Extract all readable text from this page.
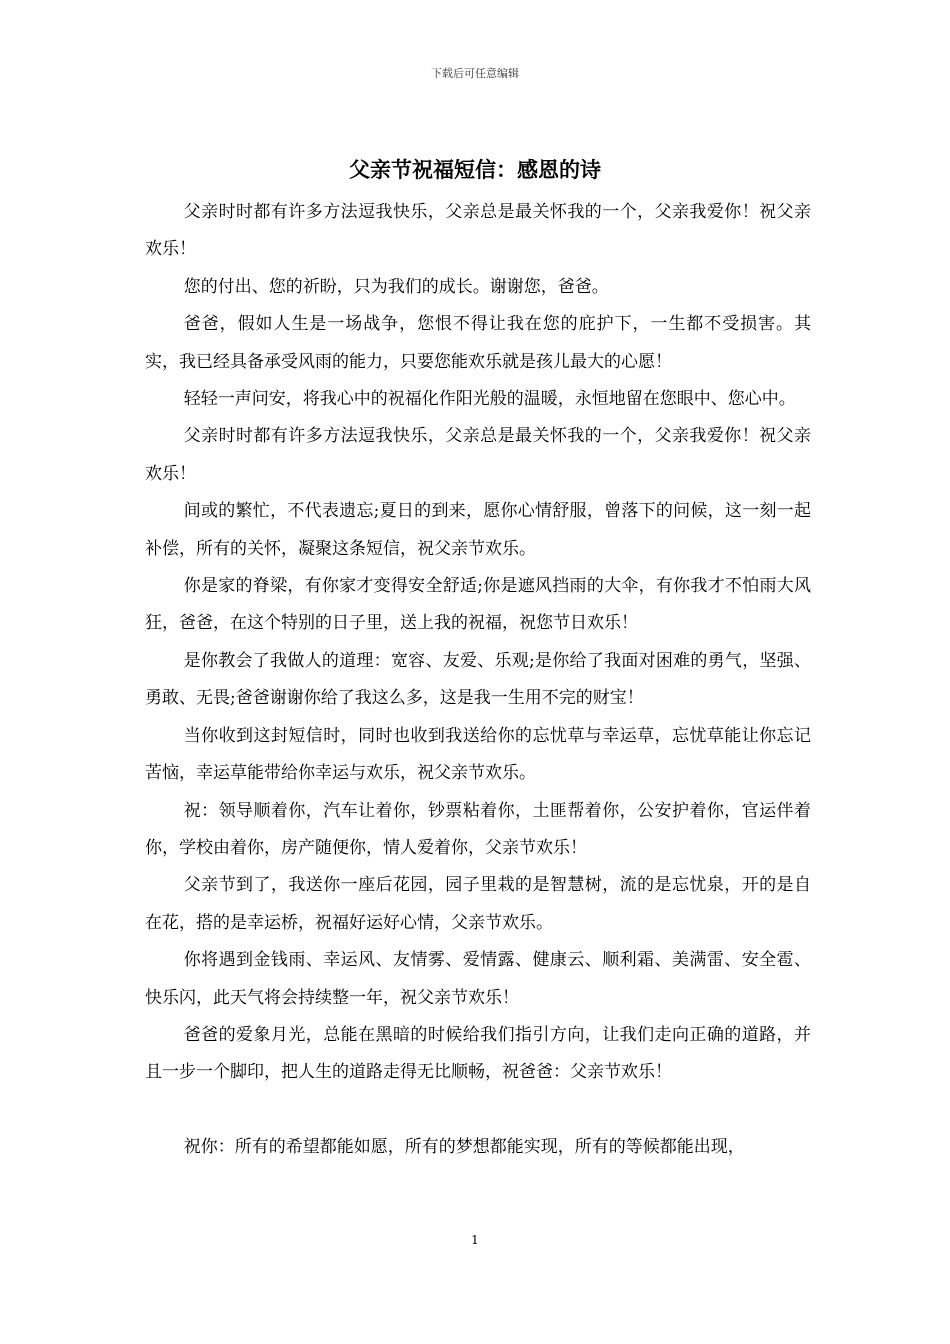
下载后可任意编辑
父亲节祝福短信：感恩的诗

父亲时时都有许多方法逗我快乐，父亲总是最关怀我的一个，父亲我爱你！祝父亲欢乐！

您的付出、您的祈盼，只为我们的成长。谢谢您，爸爸。

爸爸，假如人生是一场战争，您恨不得让我在您的庇护下，一生都不受损害。其实，我已经具备承受风雨的能力，只要您能欢乐就是孩儿最大的心愿！

轻轻一声问安，将我心中的祝福化作阳光般的温暖，永恒地留在您眼中、您心中。

父亲时时都有许多方法逗我快乐，父亲总是最关怀我的一个，父亲我爱你！祝父亲欢乐！

间或的繁忙，不代表遗忘;夏日的到来，愿你心情舒服，曾落下的问候，这一刻一起补偿，所有的关怀，凝聚这条短信，祝父亲节欢乐。

你是家的脊梁，有你家才变得安全舒适;你是遮风挡雨的大伞，有你我才不怕雨大风狂，爸爸，在这个特别的日子里，送上我的祝福，祝您节日欢乐！

是你教会了我做人的道理：宽容、友爱、乐观;是你给了我面对困难的勇气，坚强、勇敢、无畏;爸爸谢谢你给了我这么多，这是我一生用不完的财宝！

当你收到这封短信时，同时也收到我送给你的忘忧草与幸运草，忘忧草能让你忘记苦恼，幸运草能带给你幸运与欢乐，祝父亲节欢乐。

祝：领导顺着你，汽车让着你，钞票粘着你，土匪帮着你，公安护着你，官运伴着你，学校由着你，房产随便你，情人爱着你，父亲节欢乐！

父亲节到了，我送你一座后花园，园子里栽的是智慧树，流的是忘忧泉，开的是自在花，搭的是幸运桥，祝福好运好心情，父亲节欢乐。

你将遇到金钱雨、幸运风、友情雾、爱情露、健康云、顺利霜、美满雷、安全雹、快乐闪，此天气将会持续整一年，祝父亲节欢乐！

爸爸的爱象月光，总能在黑暗的时候给我们指引方向，让我们走向正确的道路，并且一步一个脚印，把人生的道路走得无比顺畅，祝爸爸：父亲节欢乐！

祝你：所有的希望都能如愿，所有的梦想都能实现，所有的等候都能出现，

1
